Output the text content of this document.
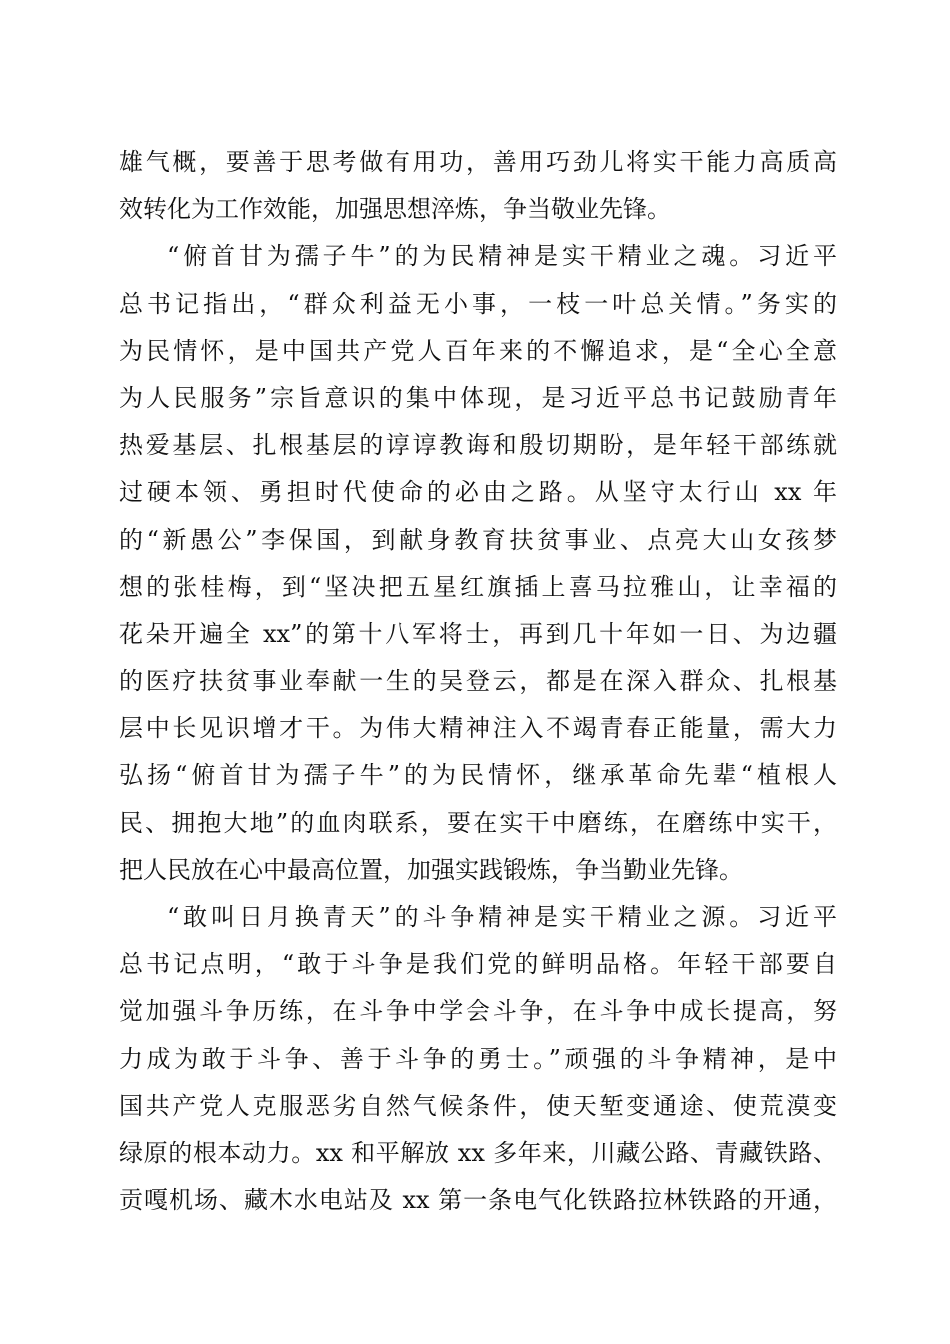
雄气概，要善于思考做有用功，善用巧劲儿将实干能力高质高
效转化为工作效能，加强思想淬炼，争当敬业先锋。
“俯首甘为孺子牛”的为民精神是实干精业之魂。习近平
总书记指出，“群众利益无小事，一枝一叶总关情。”务实的
为民情怀，是中国共产党人百年来的不懈追求，是“全心全意
为人民服务”宗旨意识的集中体现，是习近平总书记鼓励青年
热爱基层、扎根基层的谆谆教诲和殷切期盼，是年轻干部练就
过硬本领、勇担时代使命的必由之路。从坚守太行山 xx 年
的“新愚公”李保国，到献身教育扶贫事业、点亮大山女孩梦
想的张桂梅，到“坚决把五星红旗插上喜马拉雅山，让幸福的
花朵开遍全 xx”的第十八军将士，再到几十年如一日、为边疆
的医疗扶贫事业奉献一生的吴登云，都是在深入群众、扎根基
层中长见识增才干。为伟大精神注入不竭青春正能量，需大力
弘扬“俯首甘为孺子牛”的为民情怀，继承革命先辈“植根人
民、拥抱大地”的血肉联系，要在实干中磨练，在磨练中实干，
把人民放在心中最高位置，加强实践锻炼，争当勤业先锋。
“敢叫日月换青天”的斗争精神是实干精业之源。习近平
总书记点明，“敢于斗争是我们党的鲜明品格。年轻干部要自
觉加强斗争历练，在斗争中学会斗争，在斗争中成长提高，努
力成为敢于斗争、善于斗争的勇士。”顽强的斗争精神，是中
国共产党人克服恶劣自然气候条件，使天堑变通途、使荒漠变
绿原的根本动力。xx 和平解放 xx 多年来，川藏公路、青藏铁路、
贡嘎机场、藏木水电站及 xx 第一条电气化铁路拉林铁路的开通，
